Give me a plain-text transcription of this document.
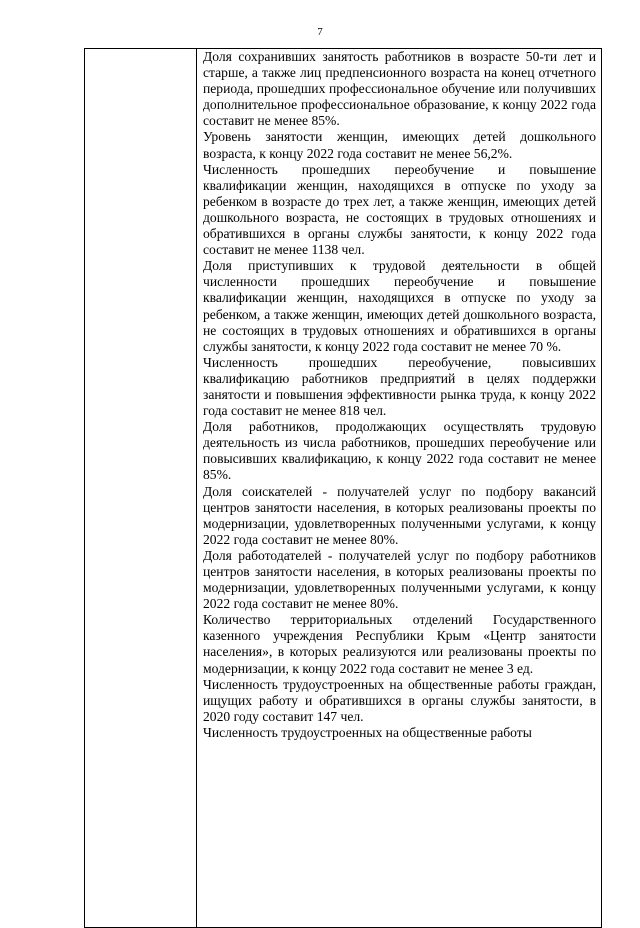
7

Доля сохранивших занятость работников в возрасте 50-ти лет и старше, а также лиц предпенсионного возраста на конец отчетного периода, прошедших профессиональное обучение или получивших дополнительное профессиональное образование, к концу 2022 года составит не менее 85%.

Уровень занятости женщин, имеющих детей дошкольного возраста, к концу 2022 года составит не менее 56,2%.

Численность прошедших переобучение и повышение квалификации женщин, находящихся в отпуске по уходу за ребенком в возрасте до трех лет, а также женщин, имеющих детей дошкольного возраста, не состоящих в трудовых отношениях и обратившихся в органы службы занятости, к концу 2022 года составит не менее 1138 чел.

Доля приступивших к трудовой деятельности в общей численности прошедших переобучение и повышение квалификации женщин, находящихся в отпуске по уходу за ребенком, а также женщин, имеющих детей дошкольного возраста, не состоящих в трудовых отношениях и обратившихся в органы службы занятости, к концу 2022 года составит не менее 70 %.

Численность прошедших переобучение, повысивших квалификацию работников предприятий в целях поддержки занятости и повышения эффективности рынка труда, к концу 2022 года составит не менее 818 чел.

Доля работников, продолжающих осуществлять трудовую деятельность из числа работников, прошедших переобучение или повысивших квалификацию, к концу 2022 года составит не менее 85%.

Доля соискателей - получателей услуг по подбору вакансий центров занятости населения, в которых реализованы проекты по модернизации, удовлетворенных полученными услугами, к концу 2022 года составит не менее 80%.

Доля работодателей - получателей услуг по подбору работников центров занятости населения, в которых реализованы проекты по модернизации, удовлетворенных полученными услугами, к концу 2022 года составит не менее 80%.

Количество территориальных отделений Государственного казенного учреждения Республики Крым «Центр занятости населения», в которых реализуются или реализованы проекты по модернизации, к концу 2022 года составит не менее 3 ед.

Численность трудоустроенных на общественные работы граждан, ищущих работу и обратившихся в органы службы занятости, в 2020 году составит 147 чел.

Численность трудоустроенных на общественные работы
